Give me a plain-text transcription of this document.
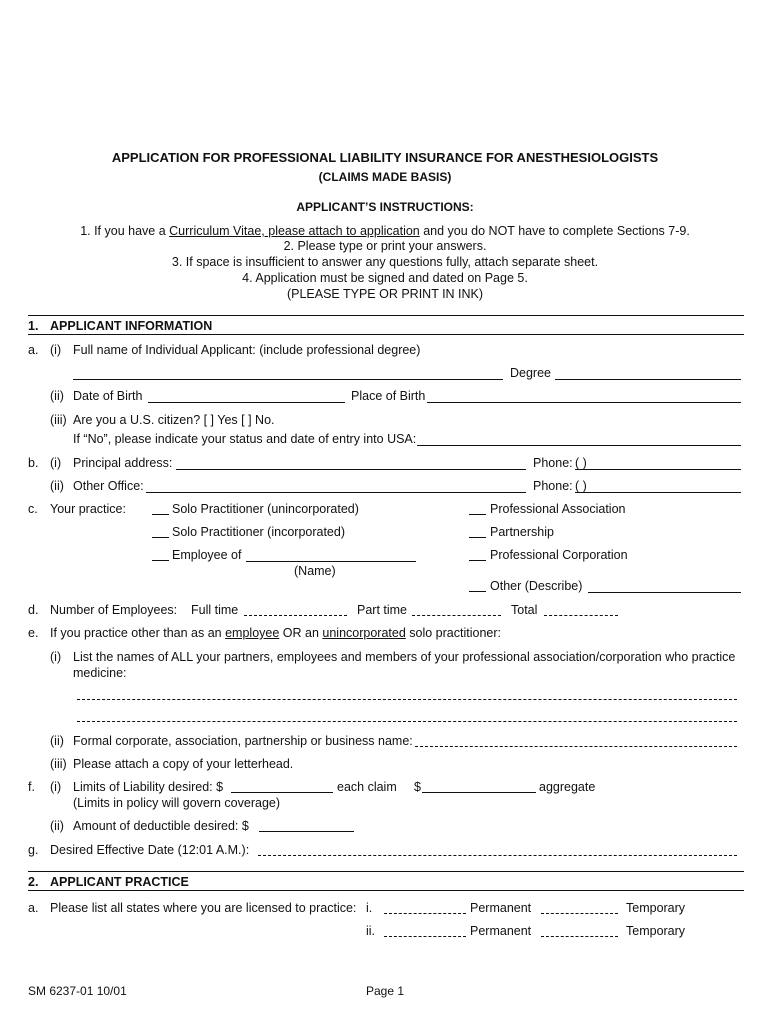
APPLICATION FOR PROFESSIONAL LIABILITY INSURANCE FOR ANESTHESIOLOGISTS
(CLAIMS MADE BASIS)
APPLICANT’S INSTRUCTIONS:
1. If you have a Curriculum Vitae, please attach to application and you do NOT have to complete Sections 7-9.
2. Please type or print your answers.
3. If space is insufficient to answer any questions fully, attach separate sheet.
4. Application must be signed and dated on Page 5.
(PLEASE TYPE OR PRINT IN INK)
1. APPLICANT INFORMATION
a. (i) Full name of Individual Applicant: (include professional degree)
Degree
(ii) Date of Birth	Place of Birth
(iii) Are you a U.S. citizen? [ ] Yes [ ] No.
If “No”, please indicate your status and date of entry into USA:
b. (i) Principal address:	Phone: ( )
(ii) Other Office:	Phone: ( )
c. Your practice:	Solo Practitioner (unincorporated)
Solo Practitioner (incorporated)
Employee of
(Name)
Professional Association
Partnership
Professional Corporation
Other (Describe)
d. Number of Employees: Full time	Part time	Total
e. If you practice other than as an employee OR an unincorporated solo practitioner:
(i) List the names of ALL your partners, employees and members of your professional association/corporation who practice
medicine:
(ii) Formal corporate, association, partnership or business name:
(iii) Please attach a copy of your letterhead.
f. (i) Limits of Liability desired: $	each claim $	aggregate
(Limits in policy will govern coverage)
(ii) Amount of deductible desired: $
g. Desired Effective Date (12:01 A.M.):
2. APPLICANT PRACTICE
a. Please list all states where you are licensed to practice: i.	Permanent	Temporary
ii.	Permanent	Temporary
SM 6237-01 10/01	Page 1
